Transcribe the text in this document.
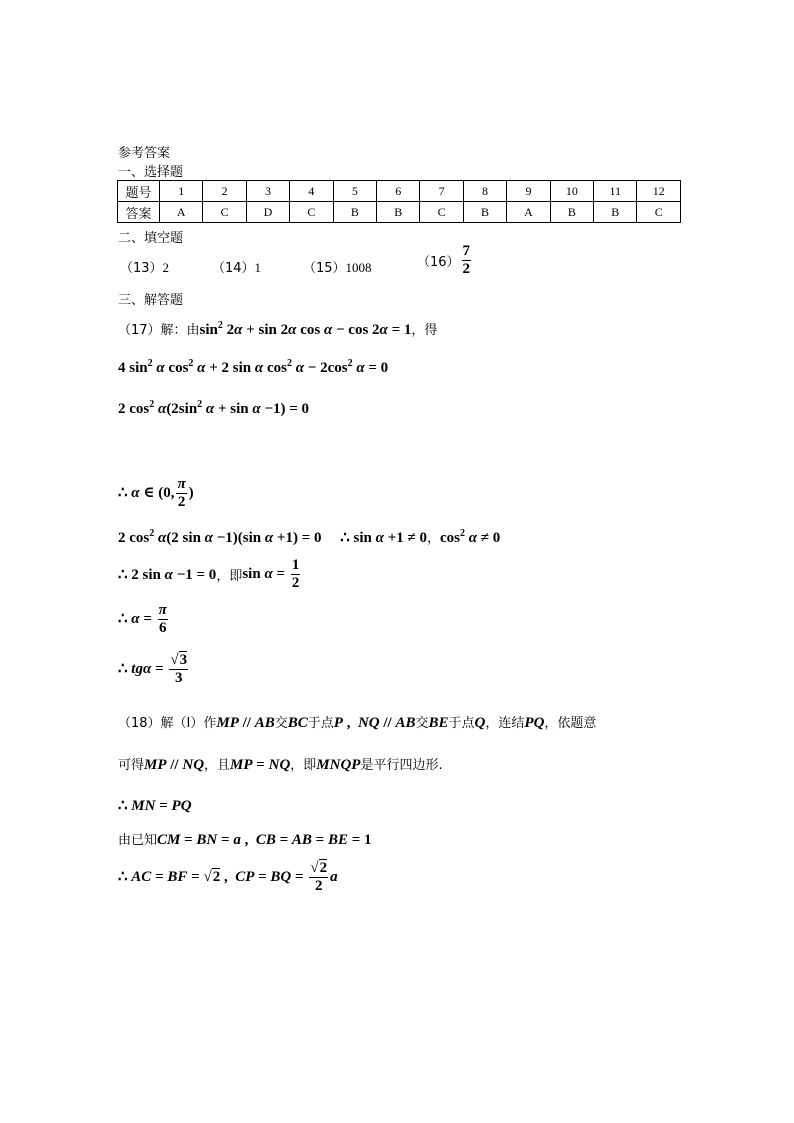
参考答案
一、选择题
题号	1	2	3	4	5	6	7	8	9	10	11	12
答案	A	C	D	C	B	B	C	B	A	B	B	C
二、填空题
（13）2	（14）1	（15）1008	$(16) \frac{7}{2}$
三、解答题
（17）解：由$\sin^2 2\alpha + \sin 2\alpha$ cos α − cos 2α = 1，得
4 $\sin^2 \alpha$ $\cos^2 \alpha + 2$ sin α $\cos^2 \alpha - 2\cos^2$ α = 0
2 $\cos^2 \alpha(2\sin^2$ α + sin α −1) = 0
∴ α ∈ (0, $\frac{\pi}{2}$ )
2 $\cos^2 \alpha(2$ sin α −1)(sin α +1) = 0     ∴ sin α +1 ≠ 0，$\cos^2 \alpha \ne 0$
∴ 2 sin α −1 = 0，即$\sin \alpha = \frac{1}{2}$
∴ $\alpha = \frac{\pi}{6}$
∴ $tg\alpha = \frac{√3}{3}$
（18）解（I）作MP // AB交BC于点P ,  NQ // AB交BE于点Q，连结PQ，依题意
可得MP // NQ，且MP = NQ，即MNQP是平行四边形.
∴ MN = PQ
由已知CM = BN = a ,  CB = AB = BE = 1
∴ AC = BF = √2 ,  CP = BQ = $\frac{√2}{2}$ a
